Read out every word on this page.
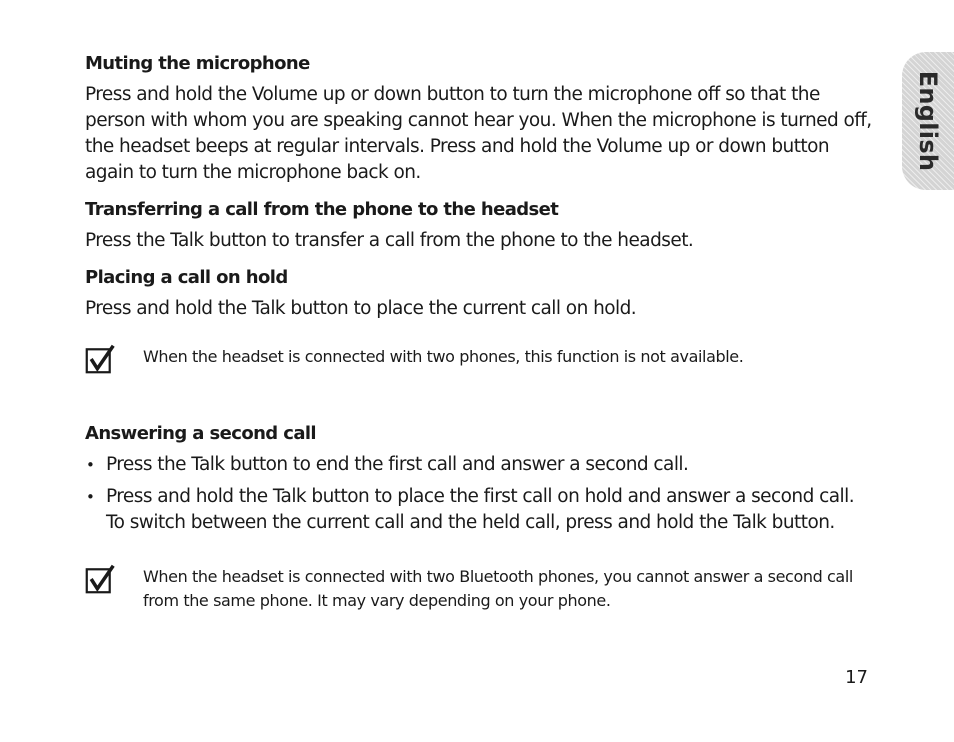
Muting the microphone
Press and hold the Volume up or down button to turn the microphone off so that the person with whom you are speaking cannot hear you. When the microphone is turned off, the headset beeps at regular intervals. Press and hold the Volume up or down button again to turn the microphone back on.
Transferring a call from the phone to the headset
Press the Talk button to transfer a call from the phone to the headset.
Placing a call on hold
Press and hold the Talk button to place the current call on hold.
When the headset is connected with two phones, this function is not available.
Answering a second call
• Press the Talk button to end the first call and answer a second call.
• Press and hold the Talk button to place the first call on hold and answer a second call. To switch between the current call and the held call, press and hold the Talk button.
When the headset is connected with two Bluetooth phones, you cannot answer a second call from the same phone. It may vary depending on your phone.
English
17
